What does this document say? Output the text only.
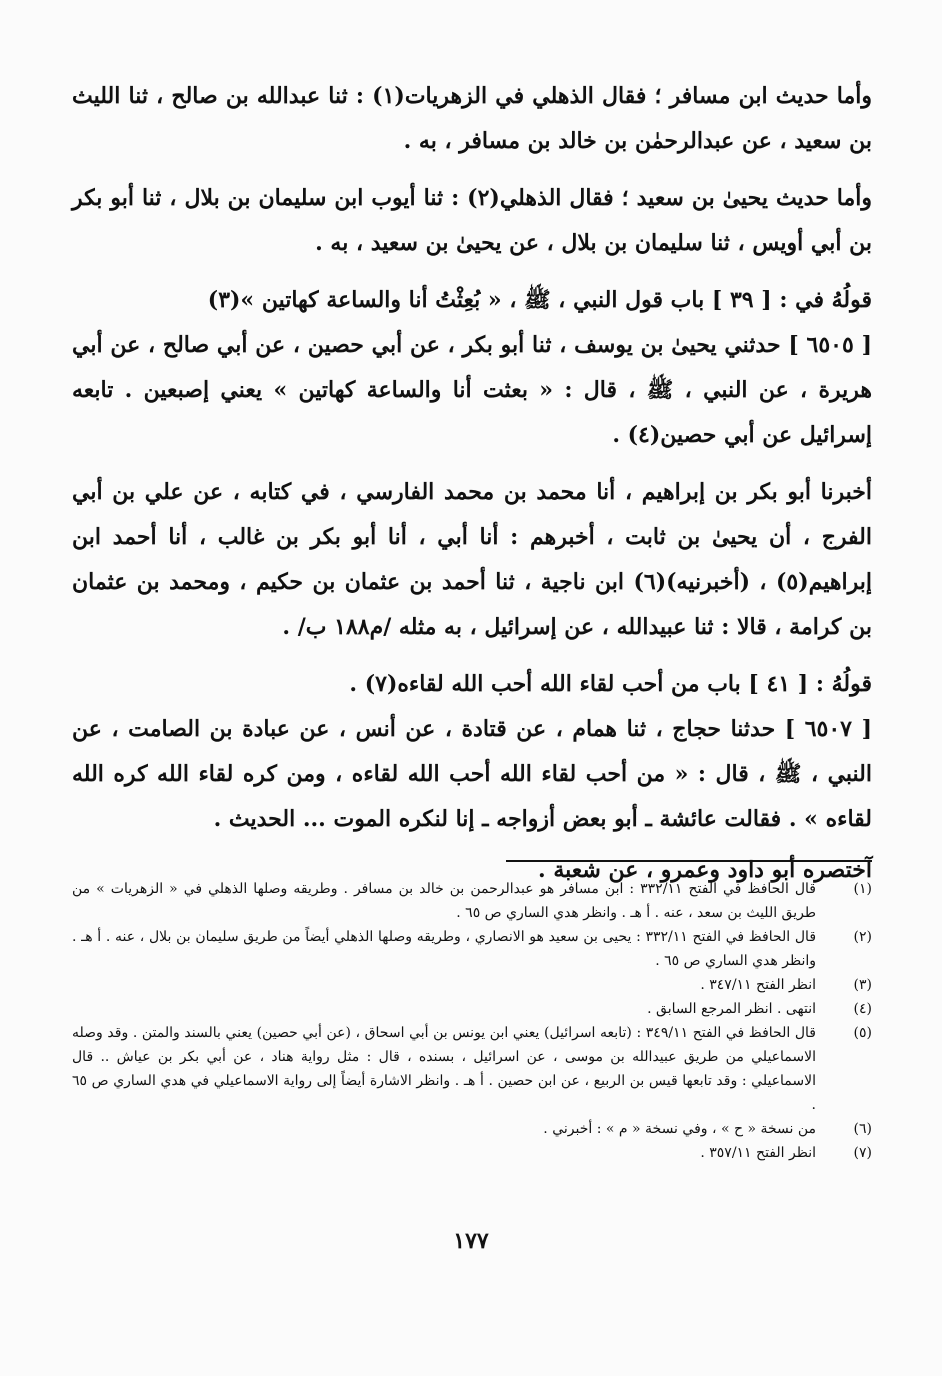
وأما حديث ابن مسافر ؛ فقال الذهلي في الزهريات(١) : ثنا عبدالله بن صالح ، ثنا الليث بن سعيد ، عن عبدالرحمٰن بن خالد بن مسافر ، به .

وأما حديث يحيىٰ بن سعيد ؛ فقال الذهلي(٢) : ثنا أيوب ابن سليمان بن بلال ، ثنا أبو بكر بن أبي أويس ، ثنا سليمان بن بلال ، عن يحيىٰ بن سعيد ، به .

قولُهُ في : [ ٣٩ ] باب قول النبي ، ﷺ ، « بُعِثْتُ أنا والساعة كهاتين »(٣)
[ ٦٥٠٥ ] حدثني يحيىٰ بن يوسف ، ثنا أبو بكر ، عن أبي حصين ، عن أبي صالح ، عن أبي هريرة ، عن النبي ، ﷺ ، قال : « بعثت أنا والساعة كهاتين » يعني إصبعين . تابعه إسرائيل عن أبي حصين(٤) .

أخبرنا أبو بكر بن إبراهيم ، أنا محمد بن محمد الفارسي ، في كتابه ، عن علي بن أبي الفرج ، أن يحيىٰ بن ثابت ، أخبرهم : أنا أبي ، أنا أبو بكر بن غالب ، أنا أحمد ابن إبراهيم(٥) ، (أخبرنيه)(٦) ابن ناجية ، ثنا أحمد بن عثمان بن حكيم ، ومحمد بن عثمان بن كرامة ، قالا : ثنا عبيدالله ، عن إسرائيل ، به مثله /م١٨٨ ب/ .

قولُهُ : [ ٤١ ] باب من أحب لقاء الله أحب الله لقاءه(٧) .
[ ٦٥٠٧ ] حدثنا حجاج ، ثنا همام ، عن قتادة ، عن أنس ، عن عبادة بن الصامت ، عن النبي ، ﷺ ، قال : « من أحب لقاء الله أحب الله لقاءه ، ومن كره لقاء الله كره الله لقاءه » . فقالت عائشة ـ أبو بعض أزواجه ـ إنا لنكره الموت ... الحديث .

آختصره أبو داود وعمرو ، عن شعبة .

(١)
قال الحافظ في الفتح ٣٣٢/١١ : ابن مسافر هو عبدالرحمن بن خالد بن مسافر . وطريقه وصلها الذهلي في « الزهريات » من طريق الليث بن سعد ، عنه . أ هـ . وانظر هدي الساري ص ٦٥ .
(٢)
قال الحافظ في الفتح ٣٣٢/١١ : يحيى بن سعيد هو الانصاري ، وطريقه وصلها الذهلي أيضاً من طريق سليمان بن بلال ، عنه . أ هـ . وانظر هدي الساري ص ٦٥ .
(٣)
انظر الفتح ٣٤٧/١١ .
(٤)
انتهى . انظر المرجع السابق .
(٥)
قال الحافظ في الفتح ٣٤٩/١١ : (تابعه اسرائيل) يعني ابن يونس بن أبي اسحاق ، (عن أبي حصين) يعني بالسند والمتن . وقد وصله الاسماعيلي من طريق عبيدالله بن موسى ، عن اسرائيل ، بسنده ، قال : مثل رواية هناد ، عن أبي بكر بن عياش .. قال الاسماعيلي : وقد تابعها قيس بن الربيع ، عن ابن حصين . أ هـ . وانظر الاشارة أيضاً إلى رواية الاسماعيلي في هدي الساري ص ٦٥ .
(٦)
من نسخة « ح » ، وفي نسخة « م » : أخبرني .
(٧)
انظر الفتح ٣٥٧/١١ .
١٧٧
